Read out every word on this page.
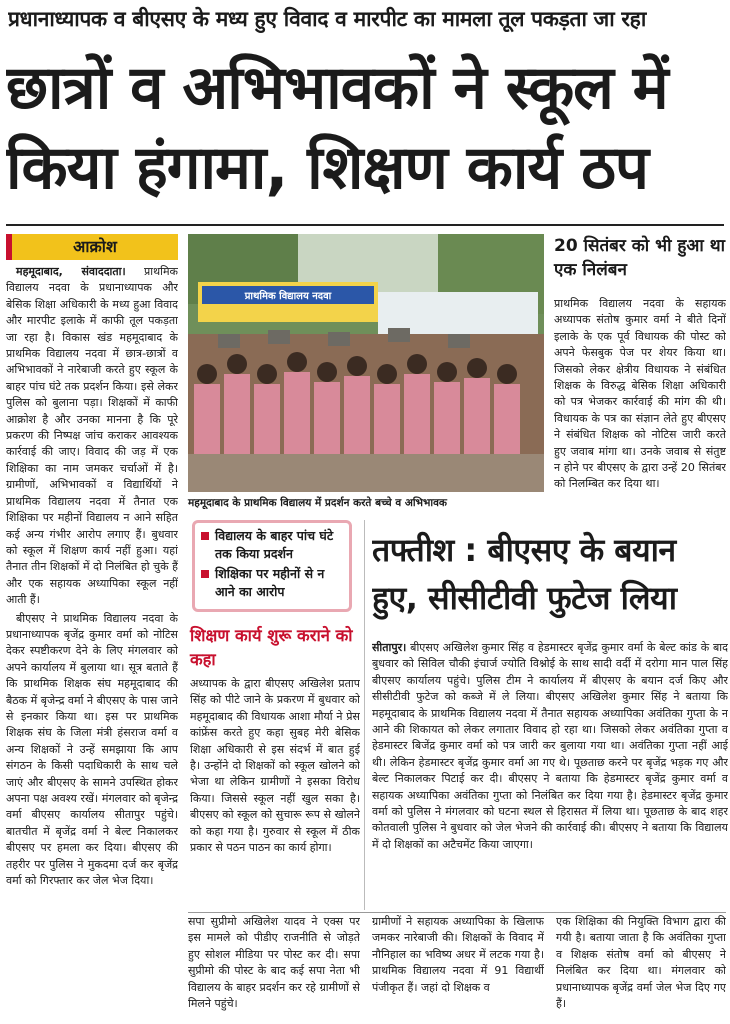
प्रधानाध्यापक व बीएसए के मध्य हुए विवाद व मारपीट का मामला तूल पकड़ता जा रहा
छात्रों व अभिभावकों ने स्कूल में
किया हंगामा, शिक्षण कार्य ठप
आक्रोश

महमूदाबाद, संवाददाता। प्राथमिक विद्यालय नदवा के प्रधानाध्यापक और बेसिक शिक्षा अधिकारी के मध्य हुआ विवाद और मारपीट इलाके में काफी तूल पकड़ता जा रहा है। विकास खंड महमूदाबाद के प्राथमिक विद्यालय नदवा में छात्र-छात्रों व अभिभावकों ने नारेबाजी करते हुए स्कूल के बाहर पांच घंटे तक प्रदर्शन किया। इसे लेकर पुलिस को बुलाना पड़ा। शिक्षकों में काफी आक्रोश है और उनका मानना है कि पूरे प्रकरण की निष्पक्ष जांच कराकर आवश्यक कार्रवाई की जाए। विवाद की जड़ में एक शिक्षिका का नाम जमकर चर्चाओं में है। ग्रामीणों, अभिभावकों व विद्यार्थियों ने प्राथमिक विद्यालय नदवा में तैनात एक शिक्षिका पर महीनों विद्यालय न आने सहित कई अन्य गंभीर आरोप लगाए हैं। बुधवार को स्कूल में शिक्षण कार्य नहीं हुआ। यहां तैनात तीन शिक्षकों में दो निलंबित हो चुके हैं और एक सहायक अध्यापिका स्कूल नहीं आती हैं।

बीएसए ने प्राथमिक विद्यालय नदवा के प्रधानाध्यापक बृजेंद्र कुमार वर्मा को नोटिस देकर स्पष्टीकरण देने के लिए मंगलवार को अपने कार्यालय में बुलाया था। सूत्र बताते हैं कि प्राथमिक शिक्षक संघ महमूदाबाद की बैठक में बृजेन्द्र वर्मा ने बीएसए के पास जाने से इनकार किया था। इस पर प्राथमिक शिक्षक संघ के जिला मंत्री हंसराज वर्मा व अन्य शिक्षकों ने उन्हें समझाया कि आप संगठन के किसी पदाधिकारी के साथ चले जाएं और बीएसए के सामने उपस्थित होकर अपना पक्ष अवश्य रखें। मंगलवार को बृजेन्द्र वर्मा बीएसए कार्यालय सीतापुर पहुंचे। बातचीत में बृजेंद्र वर्मा ने बेल्ट निकालकर बीएसए पर हमला कर दिया। बीएसए की तहरीर पर पुलिस ने मुकदमा दर्ज कर बृजेंद्र वर्मा को गिरफ्तार कर जेल भेज दिया।

प्राथमिक विद्यालय नदवा
महमूदाबाद के प्राथमिक विद्यालय में प्रदर्शन करते बच्चे व अभिभावक
20 सितंबर को भी हुआ था एक निलंबन

प्राथमिक विद्यालय नदवा के सहायक अध्यापक संतोष कुमार वर्मा ने बीते दिनों इलाके के एक पूर्व विधायक की पोस्ट को अपने फेसबुक पेज पर शेयर किया था। जिसको लेकर क्षेत्रीय विधायक ने संबंधित शिक्षक के विरुद्ध बेसिक शिक्षा अधिकारी को पत्र भेजकर कार्रवाई की मांग की थी। विधायक के पत्र का संज्ञान लेते हुए बीएसए ने संबंधित शिक्षक को नोटिस जारी करते हुए जवाब मांगा था। उनके जवाब से संतुष्ट न होने पर बीएसए के द्वारा उन्हें 20 सितंबर को निलम्बित कर दिया था।

विद्यालय के बाहर पांच घंटे तक किया प्रदर्शन
शिक्षिका पर महीनों से न आने का आरोप
शिक्षण कार्य शुरू कराने को कहा

अध्यापक के द्वारा बीएसए अखिलेश प्रताप सिंह को पीटे जाने के प्रकरण में बुधवार को महमूदाबाद की विधायक आशा मौर्या ने प्रेस कांफ्रेंस करते हुए कहा सुबह मेरी बेसिक शिक्षा अधिकारी से इस संदर्भ में बात हुई है। उन्होंने दो शिक्षकों को स्कूल खोलने को भेजा था लेकिन ग्रामीणों ने इसका विरोध किया। जिससे स्कूल नहीं खुल सका है। बीएसए को स्कूल को सुचारू रूप से खोलने को कहा गया है। गुरुवार से स्कूल में ठीक प्रकार से पठन पाठन का कार्य होगा।

तफ्तीश : बीएसए के बयान
हुए, सीसीटीवी फुटेज लिया

सीतापुर। बीएसए अखिलेश कुमार सिंह व हेडमास्टर बृजेंद्र कुमार वर्मा के बेल्ट कांड के बाद बुधवार को सिविल चौकी इंचार्ज ज्योति विश्नोई के साथ सादी वर्दी में दरोगा मान पाल सिंह बीएसए कार्यालय पहुंचे। पुलिस टीम ने कार्यालय में बीएसए के बयान दर्ज किए और सीसीटीवी फुटेज को कब्जे में ले लिया। बीएसए अखिलेश कुमार सिंह ने बताया कि महमूदाबाद के प्राथमिक विद्यालय नदवा में तैनात सहायक अध्यापिका अवंतिका गुप्ता के न आने की शिकायत को लेकर लगातार विवाद हो रहा था। जिसको लेकर अवंतिका गुप्ता व हेडमास्टर बिजेंद्र कुमार वर्मा को पत्र जारी कर बुलाया गया था। अवंतिका गुप्ता नहीं आई थी। लेकिन हेडमास्टर बृजेंद्र कुमार वर्मा आ गए थे। पूछताछ करने पर बृजेंद्र भड़क गए और बेल्ट निकालकर पिटाई कर दी। बीएसए ने बताया कि हेडमास्टर बृजेंद्र कुमार वर्मा व सहायक अध्यापिका अवंतिका गुप्ता को निलंबित कर दिया गया है। हेडमास्टर बृजेंद्र कुमार वर्मा को पुलिस ने मंगलवार को घटना स्थल से हिरासत में लिया था। पूछताछ के बाद शहर कोतवाली पुलिस ने बुधवार को जेल भेजने की कार्रवाई की। बीएसए ने बताया कि विद्यालय में दो शिक्षकों का अटैचमेंट किया जाएगा।

सपा सुप्रीमो अखिलेश यादव ने एक्स पर इस मामले को पीडीए राजनीति से जोड़ते हुए सोशल मीडिया पर पोस्ट कर दी। सपा सुप्रीमो की पोस्ट के बाद कई सपा नेता भी विद्यालय के बाहर प्रदर्शन कर रहे ग्रामीणों से मिलने पहुंचे।

ग्रामीणों ने सहायक अध्यापिका के खिलाफ जमकर नारेबाजी की। शिक्षकों के विवाद में नौनिहाल का भविष्य अधर में लटक गया है। प्राथमिक विद्यालय नदवा में 91 विद्यार्थी पंजीकृत हैं। जहां दो शिक्षक व

एक शिक्षिका की नियुक्ति विभाग द्वारा की गयी है। बताया जाता है कि अवंतिका गुप्ता व शिक्षक संतोष वर्मा को बीएसए ने निलंबित कर दिया था। मंगलवार को प्रधानाध्यापक बृजेंद्र वर्मा जेल भेज दिए गए हैं।
